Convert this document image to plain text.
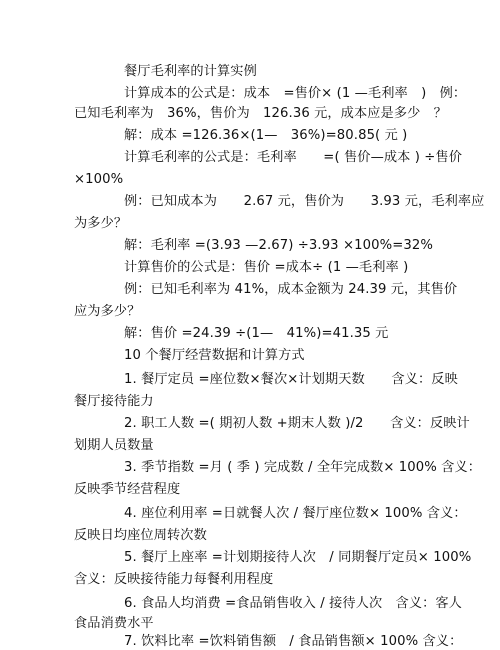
餐厅毛利率的计算实例
计算成本的公式是：成本　=售价× (1 —毛利率　)　例：
已知毛利率为　36%，售价为　126.36 元，成本应是多少　？
解：成本 =126.36×(1—　36%)=80.85( 元 )
计算毛利率的公式是：毛利率　　=( 售价—成本 ) ÷售价
×100%
例：已知成本为　　2.67 元，售价为　　3.93 元，毛利率应
为多少？
解：毛利率 =(3.93 —2.67) ÷3.93 ×100%=32%
计算售价的公式是：售价 =成本÷ (1 —毛利率 )
例：已知毛利率为 41%，成本金额为 24.39 元，其售价
应为多少？
解：售价 =24.39 ÷(1—　41%)=41.35 元
10 个餐厅经营数据和计算方式
1. 餐厅定员 =座位数×餐次×计划期天数　　含义：反映
餐厅接待能力
2. 职工人数 =( 期初人数 +期末人数 )/2　　含义：反映计
划期人员数量
3. 季节指数 =月 ( 季 ) 完成数 / 全年完成数× 100% 含义：
反映季节经营程度
4. 座位利用率 =日就餐人次 / 餐厅座位数× 100% 含义：
反映日均座位周转次数
5. 餐厅上座率 =计划期接待人次　/ 同期餐厅定员× 100%
含义：反映接待能力每餐利用程度
6. 食品人均消费 =食品销售收入 / 接待人次　含义：客人
食品消费水平
7. 饮料比率 =饮料销售额　/ 食品销售额× 100% 含义：
